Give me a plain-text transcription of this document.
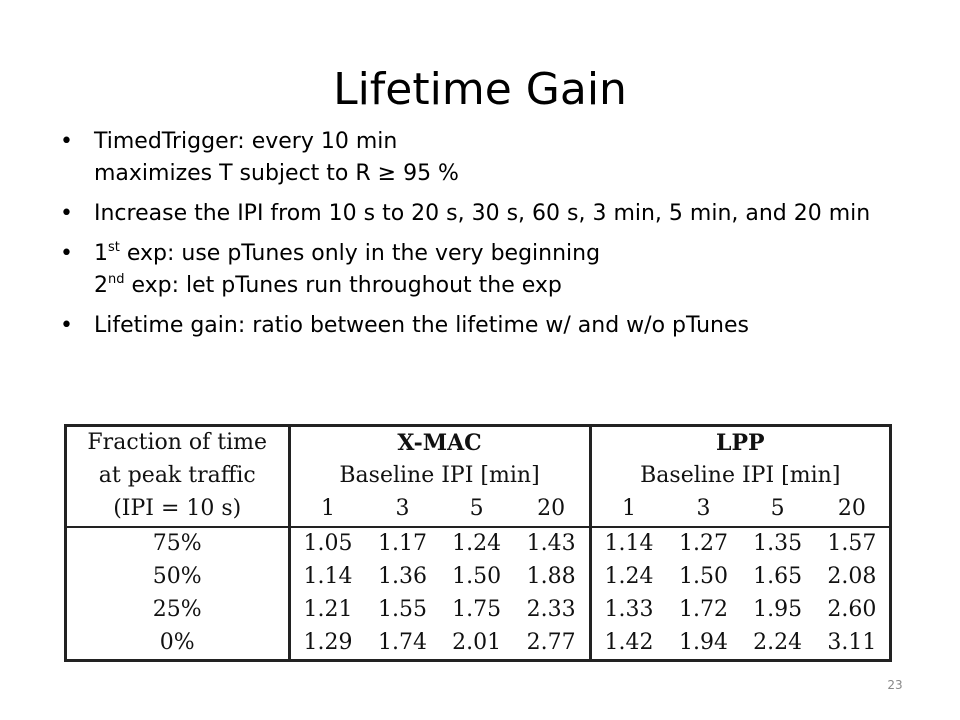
Lifetime Gain
• TimedTrigger: every 10 min
maximizes T subject to R ≥ 95 %
• Increase the IPI from 10 s to 20 s, 30 s, 60 s, 3 min, 5 min, and 20 min
• 1st exp: use pTunes only in the very beginning
2nd exp: let pTunes run throughout the exp
• Lifetime gain: ratio between the lifetime w/ and w/o pTunes
Fraction of time	X-MAC				LPP			
at peak traffic	Baseline IPI [min]				Baseline IPI [min]			
(IPI = 10 s)	1	3	5	20	1	3	5	20
75%	1.05	1.17	1.24	1.43	1.14	1.27	1.35	1.57
50%	1.14	1.36	1.50	1.88	1.24	1.50	1.65	2.08
25%	1.21	1.55	1.75	2.33	1.33	1.72	1.95	2.60
0%	1.29	1.74	2.01	2.77	1.42	1.94	2.24	3.11
23
